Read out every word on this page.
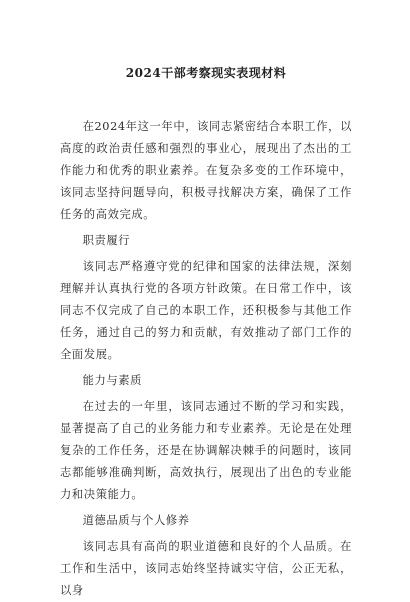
2024干部考察现实表现材料

在2024年这一年中，该同志紧密结合本职工作，以高度的政治责任感和强烈的事业心，展现出了杰出的工作能力和优秀的职业素养。在复杂多变的工作环境中，该同志坚持问题导向，积极寻找解决方案，确保了工作任务的高效完成。

职责履行

该同志严格遵守党的纪律和国家的法律法规，深刻理解并认真执行党的各项方针政策。在日常工作中，该同志不仅完成了自己的本职工作，还积极参与其他工作任务，通过自己的努力和贡献，有效推动了部门工作的全面发展。

能力与素质

在过去的一年里，该同志通过不断的学习和实践，显著提高了自己的业务能力和专业素养。无论是在处理复杂的工作任务，还是在协调解决棘手的问题时，该同志都能够准确判断，高效执行，展现出了出色的专业能力和决策能力。

道德品质与个人修养

该同志具有高尚的职业道德和良好的个人品质。在工作和生活中，该同志始终坚持诚实守信，公正无私，以身
